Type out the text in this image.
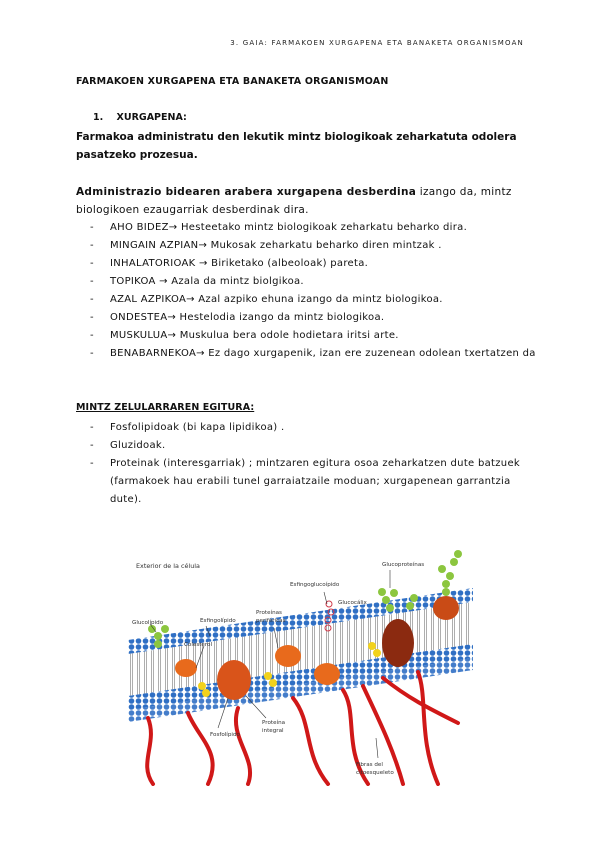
3. GAIA: FARMAKOEN XURGAPENA ETA BANAKETA ORGANISMOAN
FARMAKOEN XURGAPENA ETA BANAKETA ORGANISMOAN
1. XURGAPENA:
Farmakoa administratu den lekutik mintz biologikoak zeharkatuta odolera pasatzeko prozesua.
Administrazio bidearen arabera xurgapena desberdina izango da, mintz biologikoen ezaugarriak desberdinak dira.
- AHO BIDEZ→ Hesteetako mintz biologikoak zeharkatu beharko dira.
- MINGAIN AZPIAN→ Mukosak zeharkatu beharko diren mintzak .
- INHALATORIOAK → Biriketako (albeoloak) pareta.
- TOPIKOA → Azala da mintz biolgikoa.
- AZAL AZPIKOA→ Azal azpiko ehuna izango da mintz biologikoa.
- ONDESTEA→ Hestelodia izango da mintz biologikoa.
- MUSKULUA→ Muskulua bera odole hodietara iritsi arte.
- BENABARNEKOA→ Ez dago xurgapenik, izan ere zuzenean odolean txertatzen da
MINTZ ZELULARRAREN EGITURA:
- Fosfolipidoak (bi kapa lipidikoa) .
- Gluzidoak.
- Proteinak (interesgarriak) ; mintzaren egitura osoa zeharkatzen dute batzuek (farmakoek hau erabili tunel garraiatzaile moduan; xurgapenean garrantzia dute).
Exterior de la célula
Glucolípido	Esfingolípido
Colesterol
Proteínas
periféricas
Esfingoglucoípido
Glucocálix
Glucoproteínas
Fosfolípido
Proteína
integral
Fibras del
citoesqueleto
